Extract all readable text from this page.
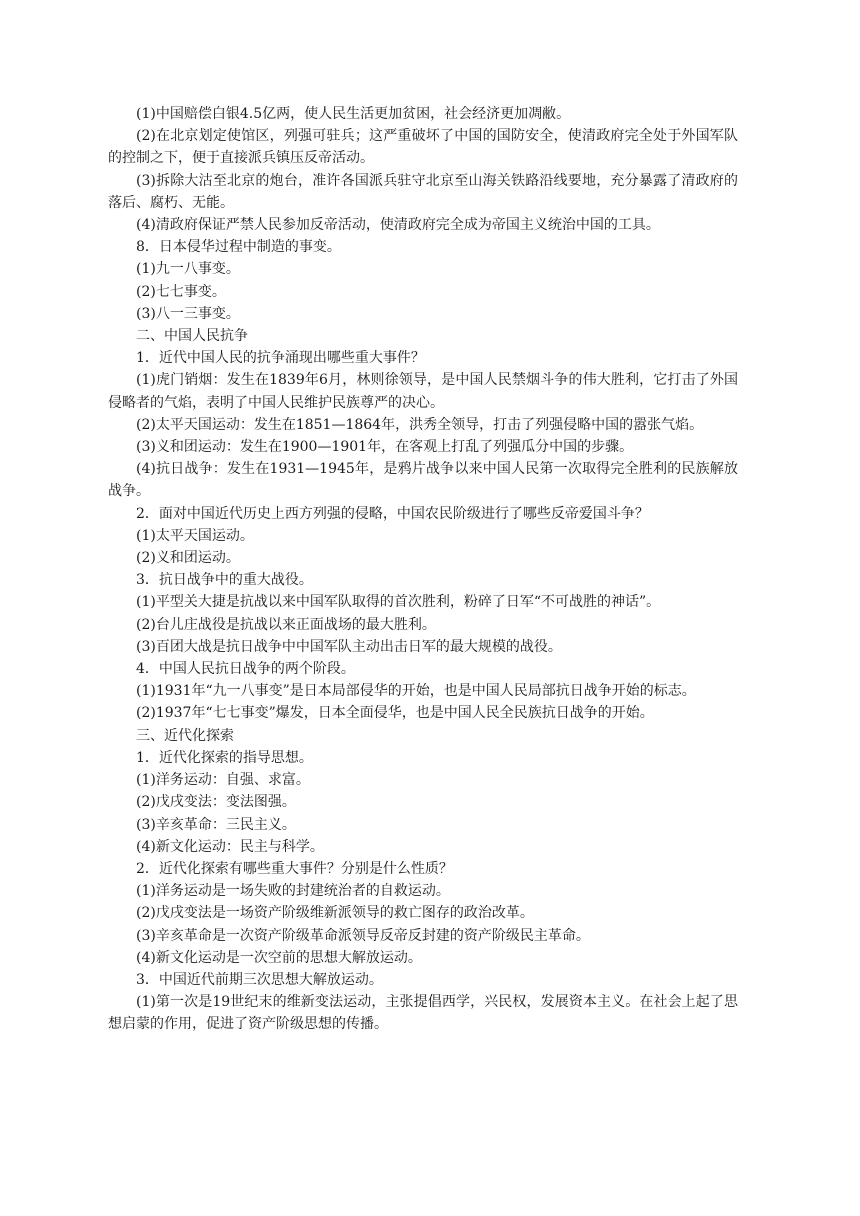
(1)中国赔偿白银4.5亿两，使人民生活更加贫困，社会经济更加凋敝。

(2)在北京划定使馆区，列强可驻兵；这严重破坏了中国的国防安全，使清政府完全处于外国军队的控制之下，便于直接派兵镇压反帝活动。

(3)拆除大沽至北京的炮台，准许各国派兵驻守北京至山海关铁路沿线要地，充分暴露了清政府的落后、腐朽、无能。

(4)清政府保证严禁人民参加反帝活动，使清政府完全成为帝国主义统治中国的工具。

8．日本侵华过程中制造的事变。

(1)九一八事变。

(2)七七事变。

(3)八一三事变。

二、中国人民抗争

1．近代中国人民的抗争涌现出哪些重大事件？

(1)虎门销烟：发生在1839年6月，林则徐领导，是中国人民禁烟斗争的伟大胜利，它打击了外国侵略者的气焰，表明了中国人民维护民族尊严的决心。

(2)太平天国运动：发生在1851—1864年，洪秀全领导，打击了列强侵略中国的嚣张气焰。

(3)义和团运动：发生在1900—1901年，在客观上打乱了列强瓜分中国的步骤。

(4)抗日战争：发生在1931—1945年，是鸦片战争以来中国人民第一次取得完全胜利的民族解放战争。

2．面对中国近代历史上西方列强的侵略，中国农民阶级进行了哪些反帝爱国斗争？

(1)太平天国运动。

(2)义和团运动。

3．抗日战争中的重大战役。

(1)平型关大捷是抗战以来中国军队取得的首次胜利，粉碎了日军“不可战胜的神话”。

(2)台儿庄战役是抗战以来正面战场的最大胜利。

(3)百团大战是抗日战争中中国军队主动出击日军的最大规模的战役。

4．中国人民抗日战争的两个阶段。

(1)1931年“九一八事变”是日本局部侵华的开始，也是中国人民局部抗日战争开始的标志。

(2)1937年“七七事变”爆发，日本全面侵华，也是中国人民全民族抗日战争的开始。

三、近代化探索

1．近代化探索的指导思想。

(1)洋务运动：自强、求富。

(2)戊戌变法：变法图强。

(3)辛亥革命：三民主义。

(4)新文化运动：民主与科学。

2．近代化探索有哪些重大事件？分别是什么性质？

(1)洋务运动是一场失败的封建统治者的自救运动。

(2)戊戌变法是一场资产阶级维新派领导的救亡图存的政治改革。

(3)辛亥革命是一次资产阶级革命派领导反帝反封建的资产阶级民主革命。

(4)新文化运动是一次空前的思想大解放运动。

3．中国近代前期三次思想大解放运动。

(1)第一次是19世纪末的维新变法运动，主张提倡西学，兴民权，发展资本主义。在社会上起了思想启蒙的作用，促进了资产阶级思想的传播。
